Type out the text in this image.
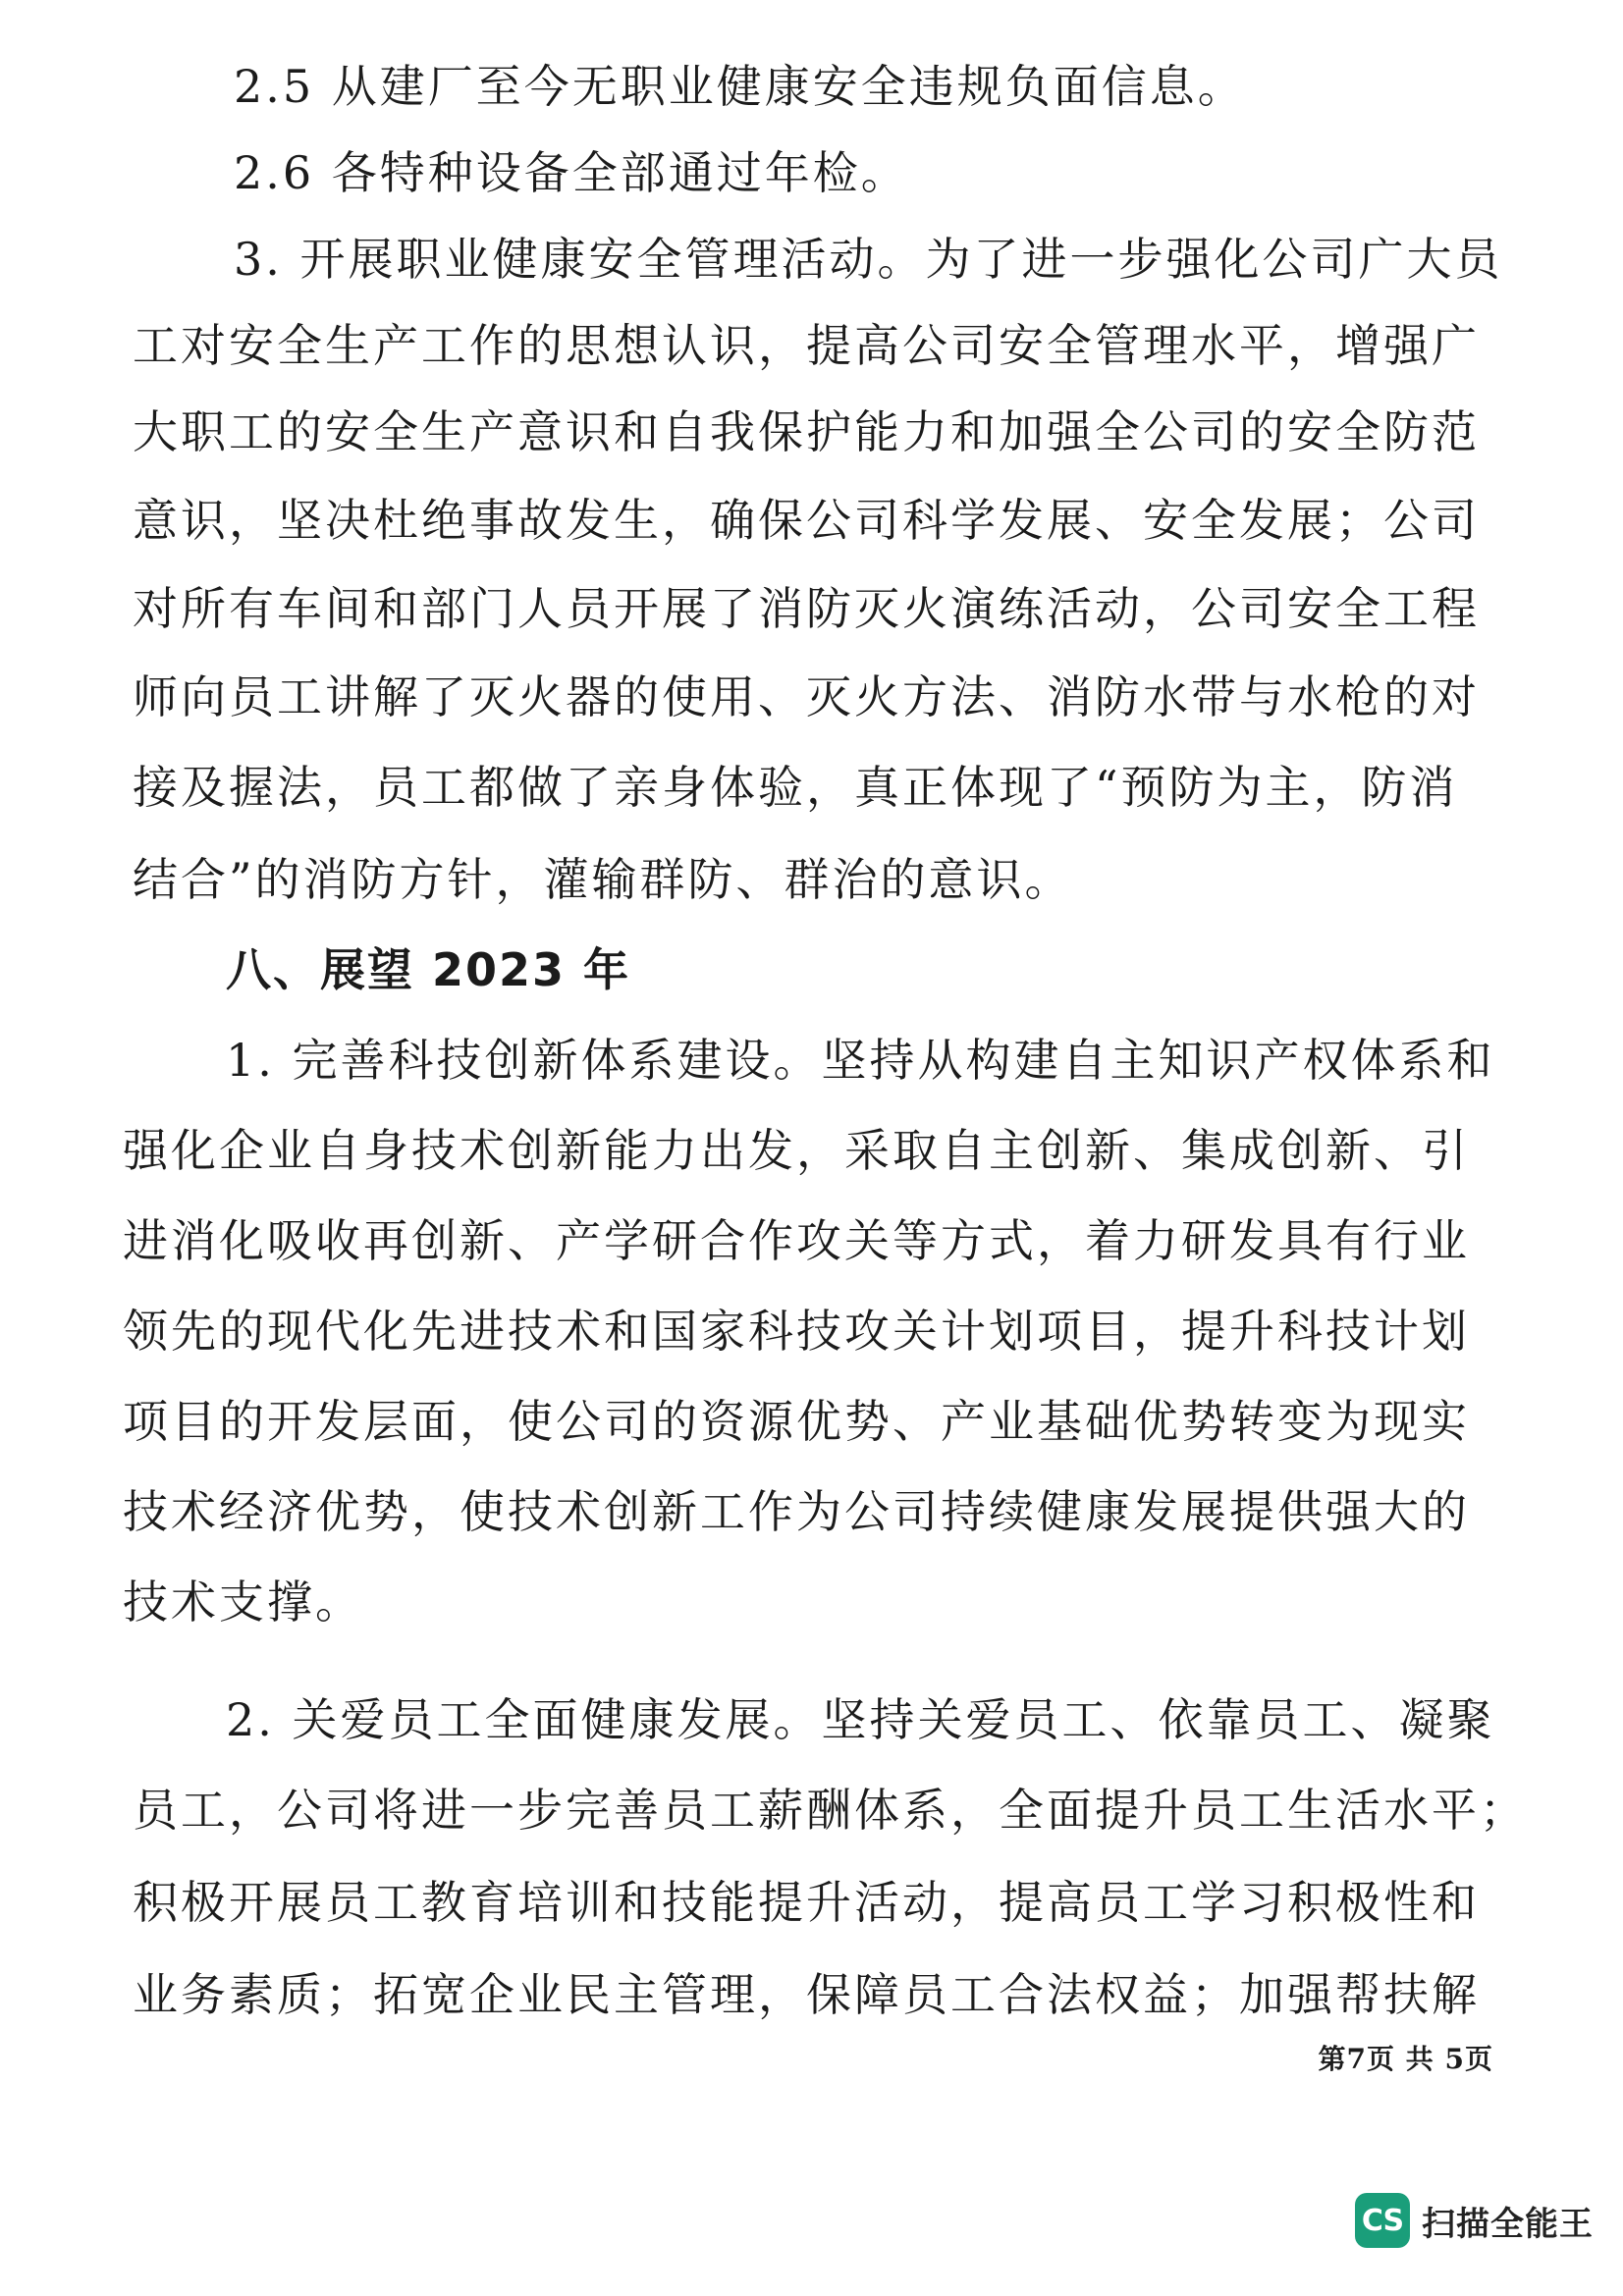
2.5 从建厂至今无职业健康安全违规负面信息。

2.6 各特种设备全部通过年检。

3. 开展职业健康安全管理活动。为了进一步强化公司广大员

工对安全生产工作的思想认识，提高公司安全管理水平，增强广

大职工的安全生产意识和自我保护能力和加强全公司的安全防范

意识，坚决杜绝事故发生，确保公司科学发展、安全发展；公司

对所有车间和部门人员开展了消防灭火演练活动，公司安全工程

师向员工讲解了灭火器的使用、灭火方法、消防水带与水枪的对

接及握法，员工都做了亲身体验，真正体现了“预防为主，防消

结合”的消防方针，灌输群防、群治的意识。

八、展望 2023 年

1. 完善科技创新体系建设。坚持从构建自主知识产权体系和

强化企业自身技术创新能力出发，采取自主创新、集成创新、引

进消化吸收再创新、产学研合作攻关等方式，着力研发具有行业

领先的现代化先进技术和国家科技攻关计划项目，提升科技计划

项目的开发层面，使公司的资源优势、产业基础优势转变为现实

技术经济优势，使技术创新工作为公司持续健康发展提供强大的

技术支撑。

2. 关爱员工全面健康发展。坚持关爱员工、依靠员工、凝聚

员工，公司将进一步完善员工薪酬体系，全面提升员工生活水平；

积极开展员工教育培训和技能提升活动，提高员工学习积极性和

业务素质；拓宽企业民主管理，保障员工合法权益；加强帮扶解

第7页 共 5页
CS 扫描全能王
